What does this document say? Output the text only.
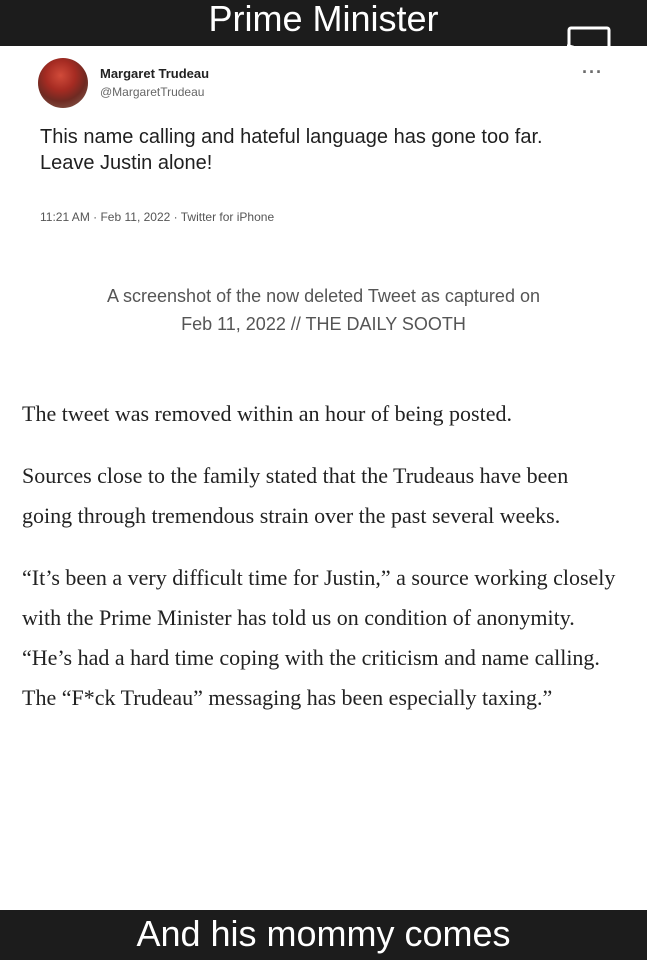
Prime Minister
Margaret Trudeau
@MargaretTrudeau
This name calling and hateful language has gone too far. Leave Justin alone!
11:21 AM · Feb 11, 2022 · Twitter for iPhone
···
A screenshot of the now deleted Tweet as captured on Feb 11, 2022 // THE DAILY SOOTH

The tweet was removed within an hour of being posted.

Sources close to the family stated that the Trudeaus have been going through tremendous strain over the past several weeks.

“It’s been a very difficult time for Justin,” a source working closely with the Prime Minister has told us on condition of anonymity. “He’s had a hard time coping with the criticism and name calling. The “F*ck Trudeau” messaging has been especially taxing.”

And his mommy comes
